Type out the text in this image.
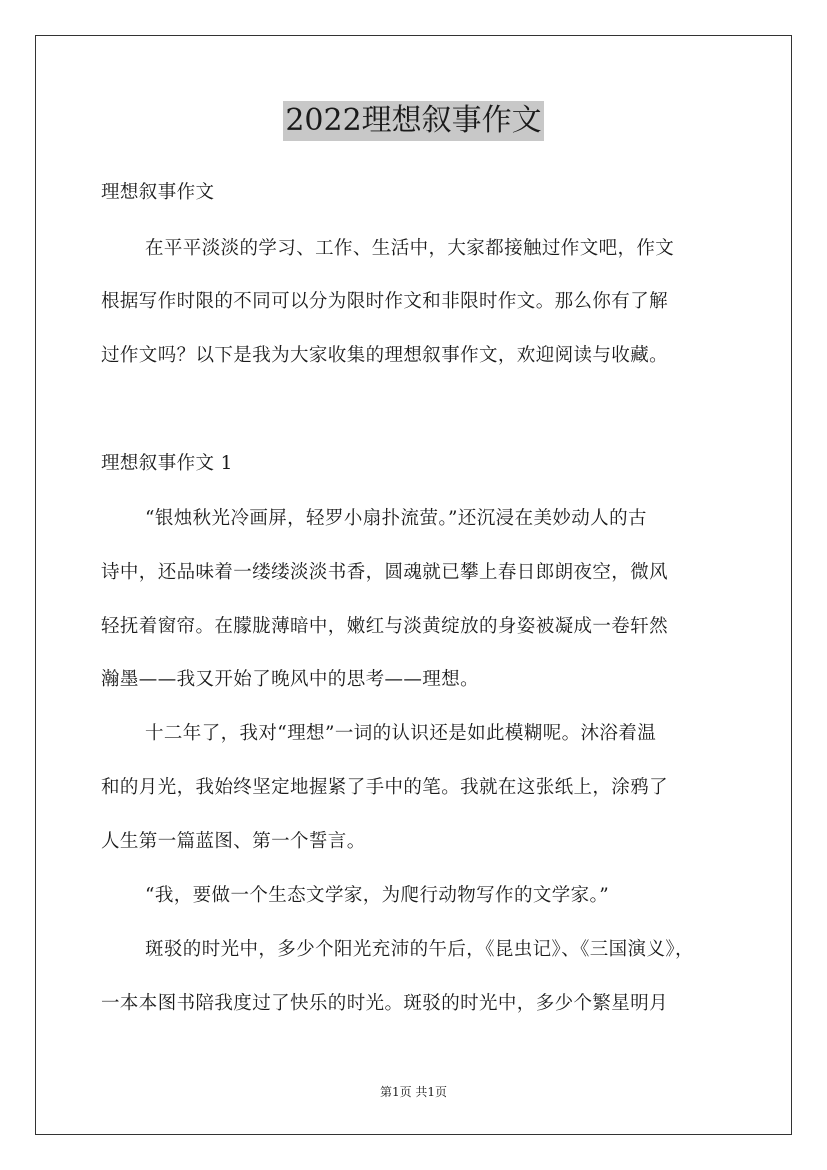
2022理想叙事作文
理想叙事作文
在平平淡淡的学习、工作、生活中，大家都接触过作文吧，作文
根据写作时限的不同可以分为限时作文和非限时作文。那么你有了解
过作文吗？以下是我为大家收集的理想叙事作文，欢迎阅读与收藏。
理想叙事作文 1
“银烛秋光冷画屏，轻罗小扇扑流萤。”还沉浸在美妙动人的古
诗中，还品味着一缕缕淡淡书香，圆魂就已攀上春日郎朗夜空，微风
轻抚着窗帘。在朦胧薄暗中，嫩红与淡黄绽放的身姿被凝成一卷轩然
瀚墨——我又开始了晚风中的思考——理想。
十二年了，我对“理想”一词的认识还是如此模糊呢。沐浴着温
和的月光，我始终坚定地握紧了手中的笔。我就在这张纸上，涂鸦了
人生第一篇蓝图、第一个誓言。
“我，要做一个生态文学家，为爬行动物写作的文学家。”
斑驳的时光中，多少个阳光充沛的午后，《昆虫记》、《三国演义》，
一本本图书陪我度过了快乐的时光。斑驳的时光中，多少个繁星明月
第1页 共1页
